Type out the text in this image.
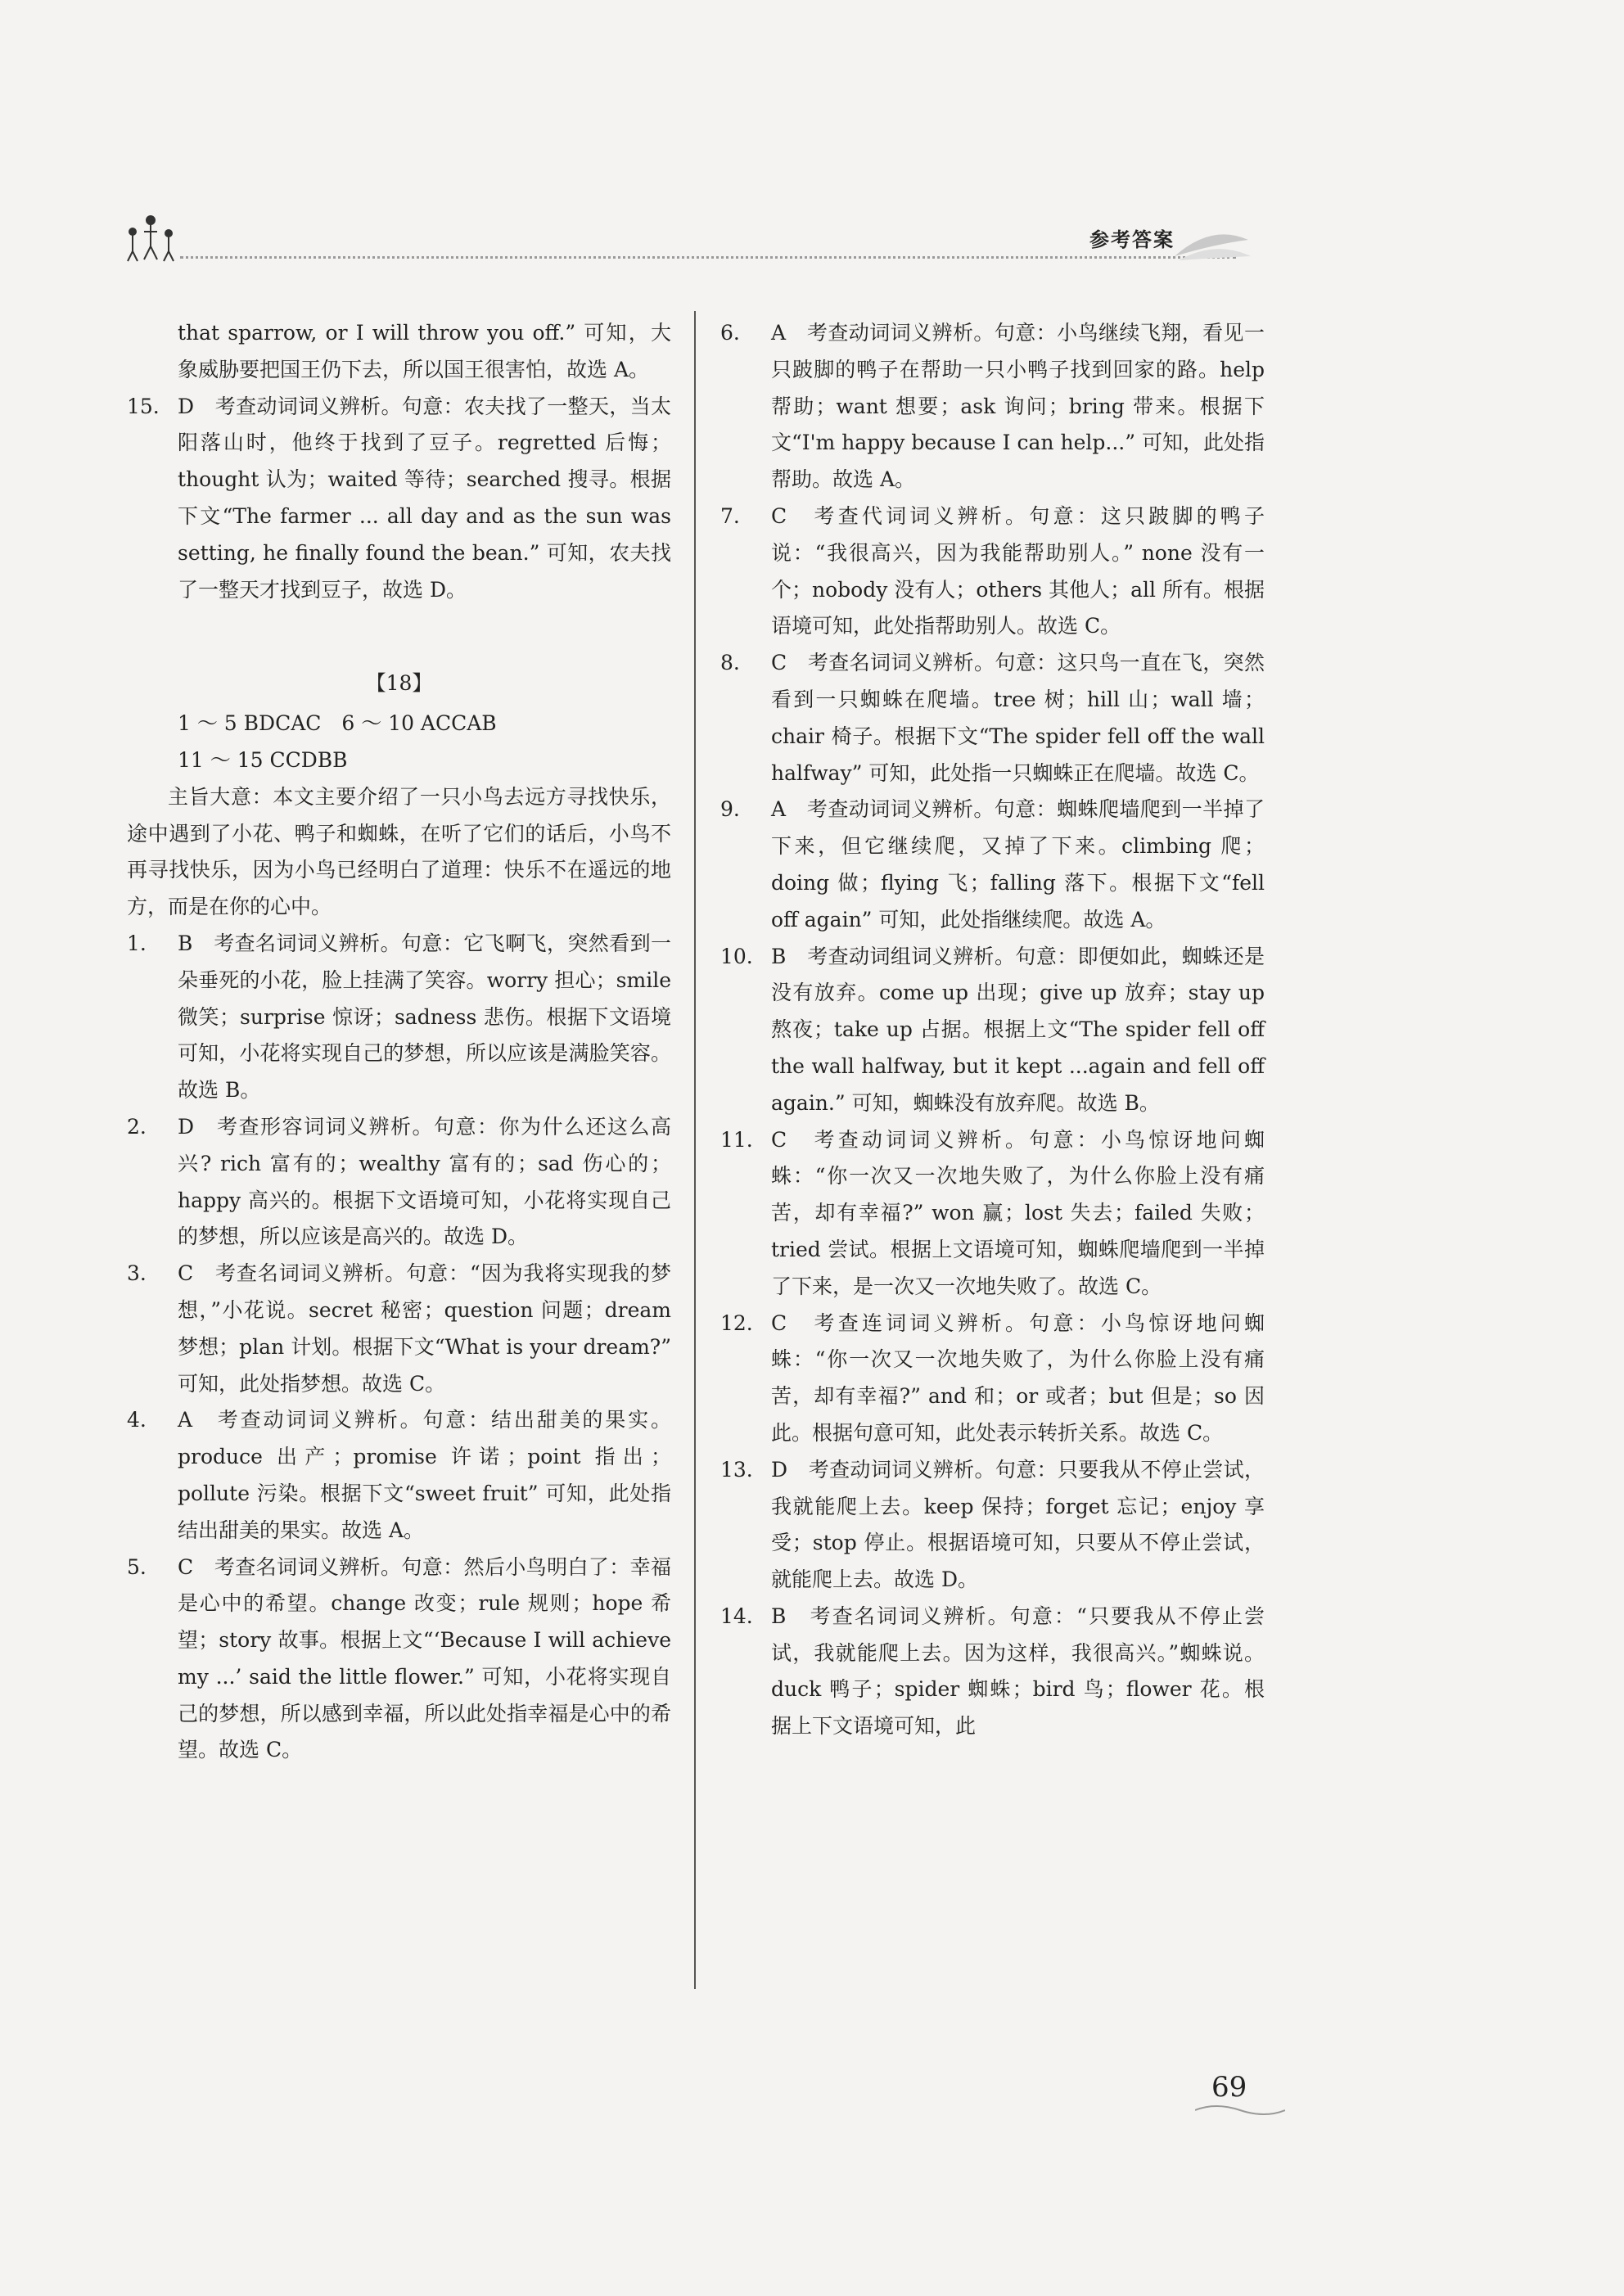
参考答案

that sparrow, or I will throw you off.” 可知，大象威胁要把国王仍下去，所以国王很害怕，故选 A。

15. D　考查动词词义辨析。句意：农夫找了一整天，当太阳落山时，他终于找到了豆子。regretted 后悔；thought 认为；waited 等待；searched 搜寻。根据下文“The farmer ... all day and as the sun was setting, he finally found the bean.” 可知，农夫找了一整天才找到豆子，故选 D。

【18】

1 ～ 5 BDCAC　6 ～ 10 ACCAB

11 ～ 15 CCDBB

主旨大意：本文主要介绍了一只小鸟去远方寻找快乐，途中遇到了小花、鸭子和蜘蛛，在听了它们的话后，小鸟不再寻找快乐，因为小鸟已经明白了道理：快乐不在遥远的地方，而是在你的心中。

1. B　考查名词词义辨析。句意：它飞啊飞，突然看到一朵垂死的小花，脸上挂满了笑容。worry 担心；smile 微笑；surprise 惊讶；sadness 悲伤。根据下文语境可知，小花将实现自己的梦想，所以应该是满脸笑容。故选 B。

2. D　考查形容词词义辨析。句意：你为什么还这么高兴? rich 富有的；wealthy 富有的；sad 伤心的；happy 高兴的。根据下文语境可知，小花将实现自己的梦想，所以应该是高兴的。故选 D。

3. C　考查名词词义辨析。句意：“因为我将实现我的梦想，”小花说。secret 秘密；question 问题；dream 梦想；plan 计划。根据下文“What is your dream?” 可知，此处指梦想。故选 C。

4. A　考查动词词义辨析。句意：结出甜美的果实。produce 出产；promise 许诺；point 指出；pollute 污染。根据下文“sweet fruit” 可知，此处指结出甜美的果实。故选 A。

5. C　考查名词词义辨析。句意：然后小鸟明白了：幸福是心中的希望。change 改变；rule 规则；hope 希望；story 故事。根据上文“‘Because I will achieve my ...’ said the little flower.” 可知，小花将实现自己的梦想，所以感到幸福，所以此处指幸福是心中的希望。故选 C。

6. A　考查动词词义辨析。句意：小鸟继续飞翔，看见一只跛脚的鸭子在帮助一只小鸭子找到回家的路。help 帮助；want 想要；ask 询问；bring 带来。根据下文“I'm happy because I can help...” 可知，此处指帮助。故选 A。

7. C　考查代词词义辨析。句意：这只跛脚的鸭子说：“我很高兴，因为我能帮助别人。” none 没有一个；nobody 没有人；others 其他人；all 所有。根据语境可知，此处指帮助别人。故选 C。

8. C　考查名词词义辨析。句意：这只鸟一直在飞，突然看到一只蜘蛛在爬墙。tree 树；hill 山；wall 墙；chair 椅子。根据下文“The spider fell off the wall halfway” 可知，此处指一只蜘蛛正在爬墙。故选 C。

9. A　考查动词词义辨析。句意：蜘蛛爬墙爬到一半掉了下来，但它继续爬，又掉了下来。climbing 爬；doing 做；flying 飞；falling 落下。根据下文“fell off again” 可知，此处指继续爬。故选 A。

10. B　考查动词组词义辨析。句意：即便如此，蜘蛛还是没有放弃。come up 出现；give up 放弃；stay up 熬夜；take up 占据。根据上文“The spider fell off the wall halfway, but it kept ...again and fell off again.” 可知，蜘蛛没有放弃爬。故选 B。

11. C　考查动词词义辨析。句意：小鸟惊讶地问蜘蛛：“你一次又一次地失败了，为什么你脸上没有痛苦，却有幸福?” won 赢；lost 失去；failed 失败；tried 尝试。根据上文语境可知，蜘蛛爬墙爬到一半掉了下来，是一次又一次地失败了。故选 C。

12. C　考查连词词义辨析。句意：小鸟惊讶地问蜘蛛：“你一次又一次地失败了，为什么你脸上没有痛苦，却有幸福?” and 和；or 或者；but 但是；so 因此。根据句意可知，此处表示转折关系。故选 C。

13. D　考查动词词义辨析。句意：只要我从不停止尝试，我就能爬上去。keep 保持；forget 忘记；enjoy 享受；stop 停止。根据语境可知，只要从不停止尝试，就能爬上去。故选 D。

14. B　考查名词词义辨析。句意：“只要我从不停止尝试，我就能爬上去。因为这样，我很高兴。”蜘蛛说。duck 鸭子；spider 蜘蛛；bird 鸟；flower 花。根据上下文语境可知，此

69
